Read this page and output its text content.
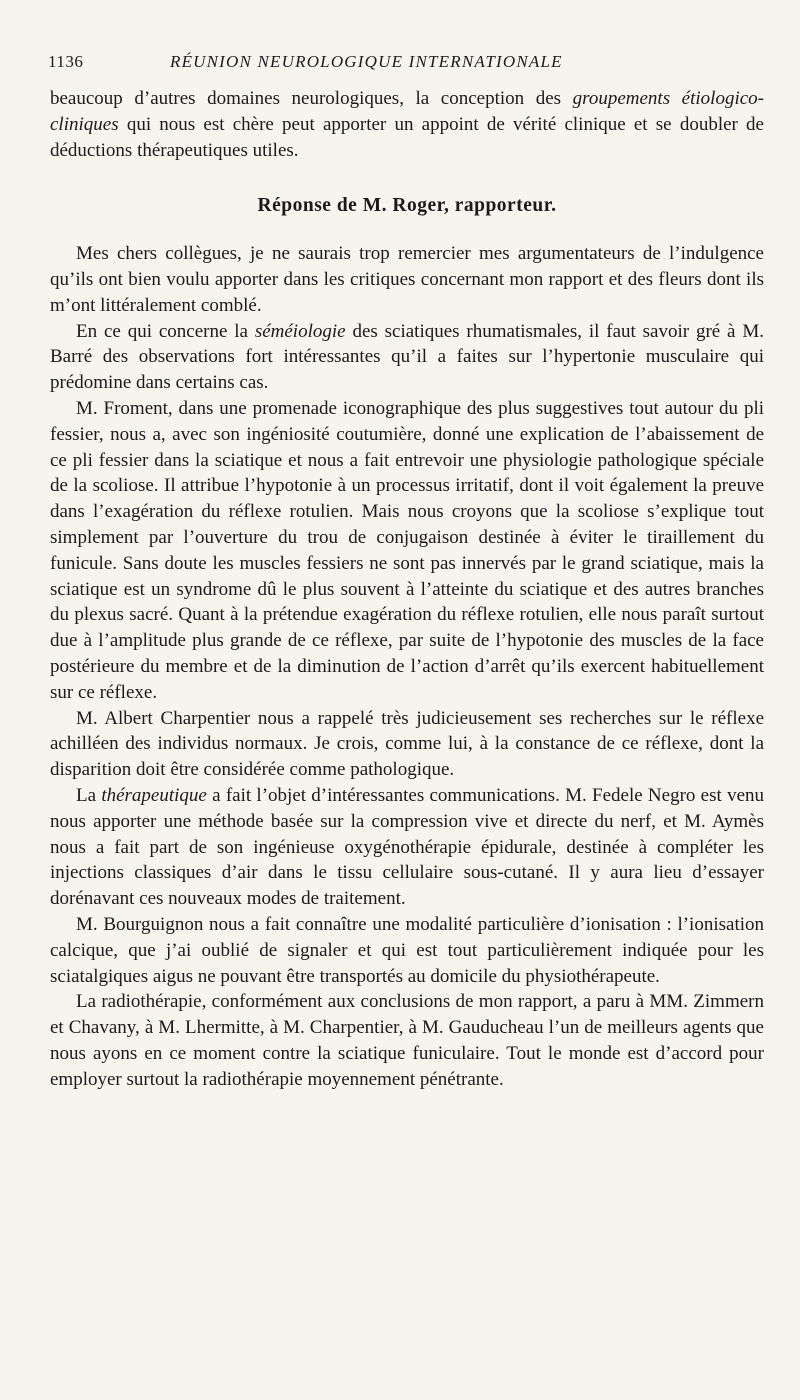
1136	RÉUNION NEUROLOGIQUE INTERNATIONALE

beaucoup d’autres domaines neurologiques, la conception des groupements étiologico-cliniques qui nous est chère peut apporter un appoint de vérité clinique et se doubler de déductions thérapeutiques utiles.

Réponse de M. Roger, rapporteur.

Mes chers collègues, je ne saurais trop remercier mes argumentateurs de l’indulgence qu’ils ont bien voulu apporter dans les critiques concernant mon rapport et des fleurs dont ils m’ont littéralement comblé.

En ce qui concerne la séméiologie des sciatiques rhumatismales, il faut savoir gré à M. Barré des observations fort intéressantes qu’il a faites sur l’hypertonie musculaire qui prédomine dans certains cas.

M. Froment, dans une promenade iconographique des plus suggestives tout autour du pli fessier, nous a, avec son ingéniosité coutumière, donné une explication de l’abaissement de ce pli fessier dans la sciatique et nous a fait entrevoir une physiologie pathologique spéciale de la scoliose. Il attribue l’hypotonie à un processus irritatif, dont il voit également la preuve dans l’exagération du réflexe rotulien. Mais nous croyons que la scoliose s’explique tout simplement par l’ouverture du trou de conjugaison destinée à éviter le tiraillement du funicule. Sans doute les muscles fessiers ne sont pas innervés par le grand sciatique, mais la sciatique est un syndrome dû le plus souvent à l’atteinte du sciatique et des autres branches du plexus sacré. Quant à la prétendue exagération du réflexe rotulien, elle nous paraît surtout due à l’amplitude plus grande de ce réflexe, par suite de l’hypotonie des muscles de la face postérieure du membre et de la diminution de l’action d’arrêt qu’ils exercent habituellement sur ce réflexe.

M. Albert Charpentier nous a rappelé très judicieusement ses recherches sur le réflexe achilléen des individus normaux. Je crois, comme lui, à la constance de ce réflexe, dont la disparition doit être considérée comme pathologique.

La thérapeutique a fait l’objet d’intéressantes communications. M. Fedele Negro est venu nous apporter une méthode basée sur la compression vive et directe du nerf, et M. Aymès nous a fait part de son ingénieuse oxygénothérapie épidurale, destinée à compléter les injections classiques d’air dans le tissu cellulaire sous-cutané. Il y aura lieu d’essayer dorénavant ces nouveaux modes de traitement.

M. Bourguignon nous a fait connaître une modalité particulière d’ionisation : l’ionisation calcique, que j’ai oublié de signaler et qui est tout particulièrement indiquée pour les sciatalgiques aigus ne pouvant être transportés au domicile du physiothérapeute.

La radiothérapie, conformément aux conclusions de mon rapport, a paru à MM. Zimmern et Chavany, à M. Lhermitte, à M. Charpentier, à M. Gauducheau l’un de meilleurs agents que nous ayons en ce moment contre la sciatique funiculaire. Tout le monde est d’accord pour employer surtout la radiothérapie moyennement pénétrante.
